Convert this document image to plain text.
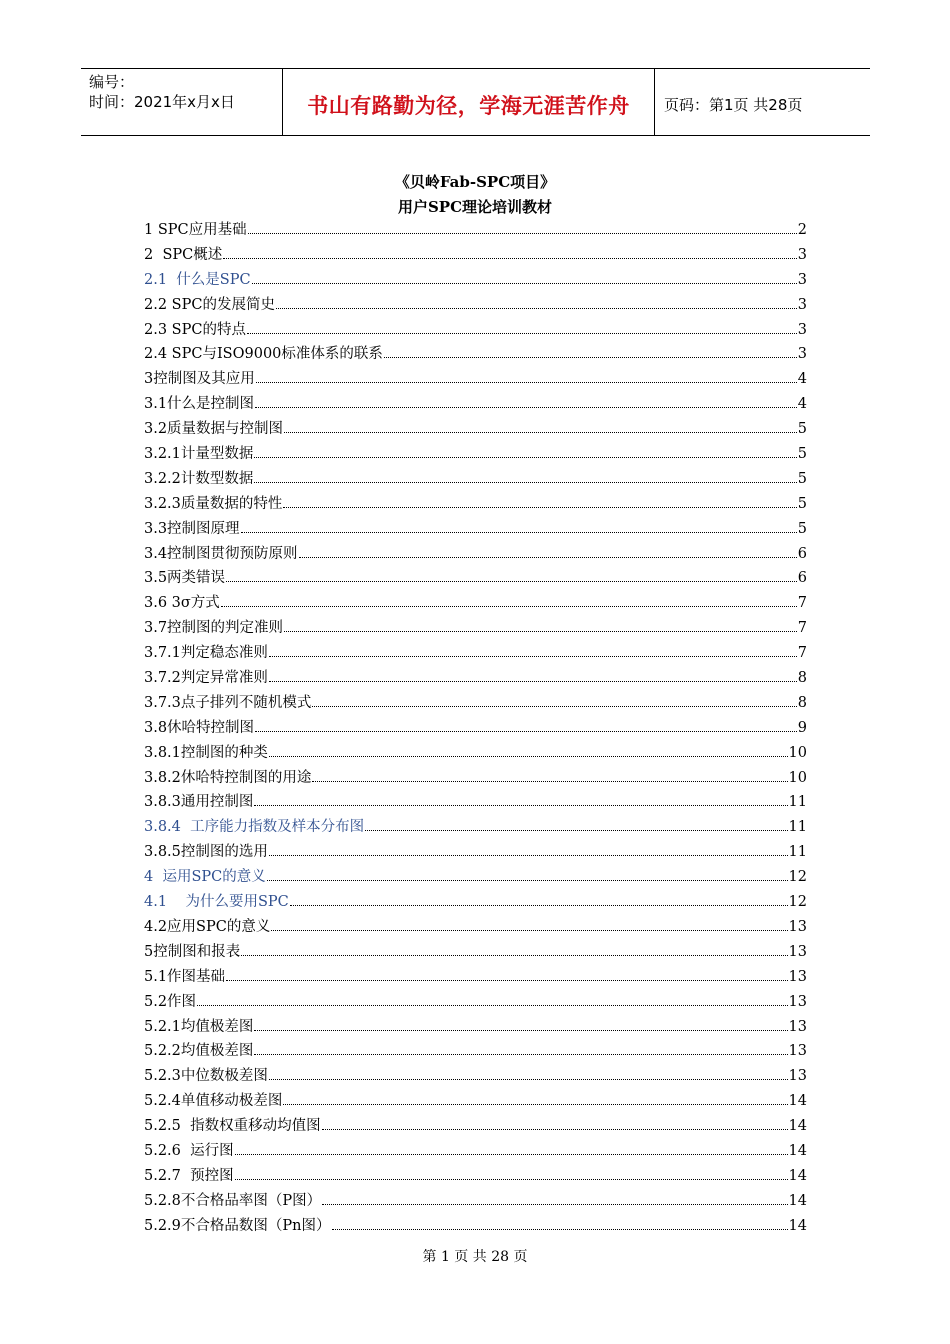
编号：
时间：2021年x月x日	书山有路勤为径，学海无涯苦作舟	页码：第1页 共28页
《贝岭Fab-SPC项目》
用户SPC理论培训教材
1 SPC应用基础	2
2  SPC概述	3
2.1  什么是SPC	3
2.2 SPC的发展简史	3
2.3 SPC的特点	3
2.4 SPC与ISO9000标准体系的联系	3
3控制图及其应用	4
3.1什么是控制图	4
3.2质量数据与控制图	5
3.2.1计量型数据	5
3.2.2计数型数据	5
3.2.3质量数据的特性	5
3.3控制图原理	5
3.4控制图贯彻预防原则	6
3.5两类错误	6
3.6 3σ方式	7
3.7控制图的判定准则	7
3.7.1判定稳态准则	7
3.7.2判定异常准则	8
3.7.3点子排列不随机模式	8
3.8休哈特控制图	9
3.8.1控制图的种类	10
3.8.2休哈特控制图的用途	10
3.8.3通用控制图	11
3.8.4  工序能力指数及样本分布图	11
3.8.5控制图的选用	11
4  运用SPC的意义	12
4.1    为什么要用SPC	12
4.2应用SPC的意义	13
5控制图和报表	13
5.1作图基础	13
5.2作图	13
5.2.1均值极差图	13
5.2.2均值极差图	13
5.2.3中位数极差图	13
5.2.4单值移动极差图	14
5.2.5  指数权重移动均值图	14
5.2.6  运行图	14
5.2.7  预控图	14
5.2.8不合格品率图（P图）	14
5.2.9不合格品数图（Pn图）	14
第 1 页 共 28 页
